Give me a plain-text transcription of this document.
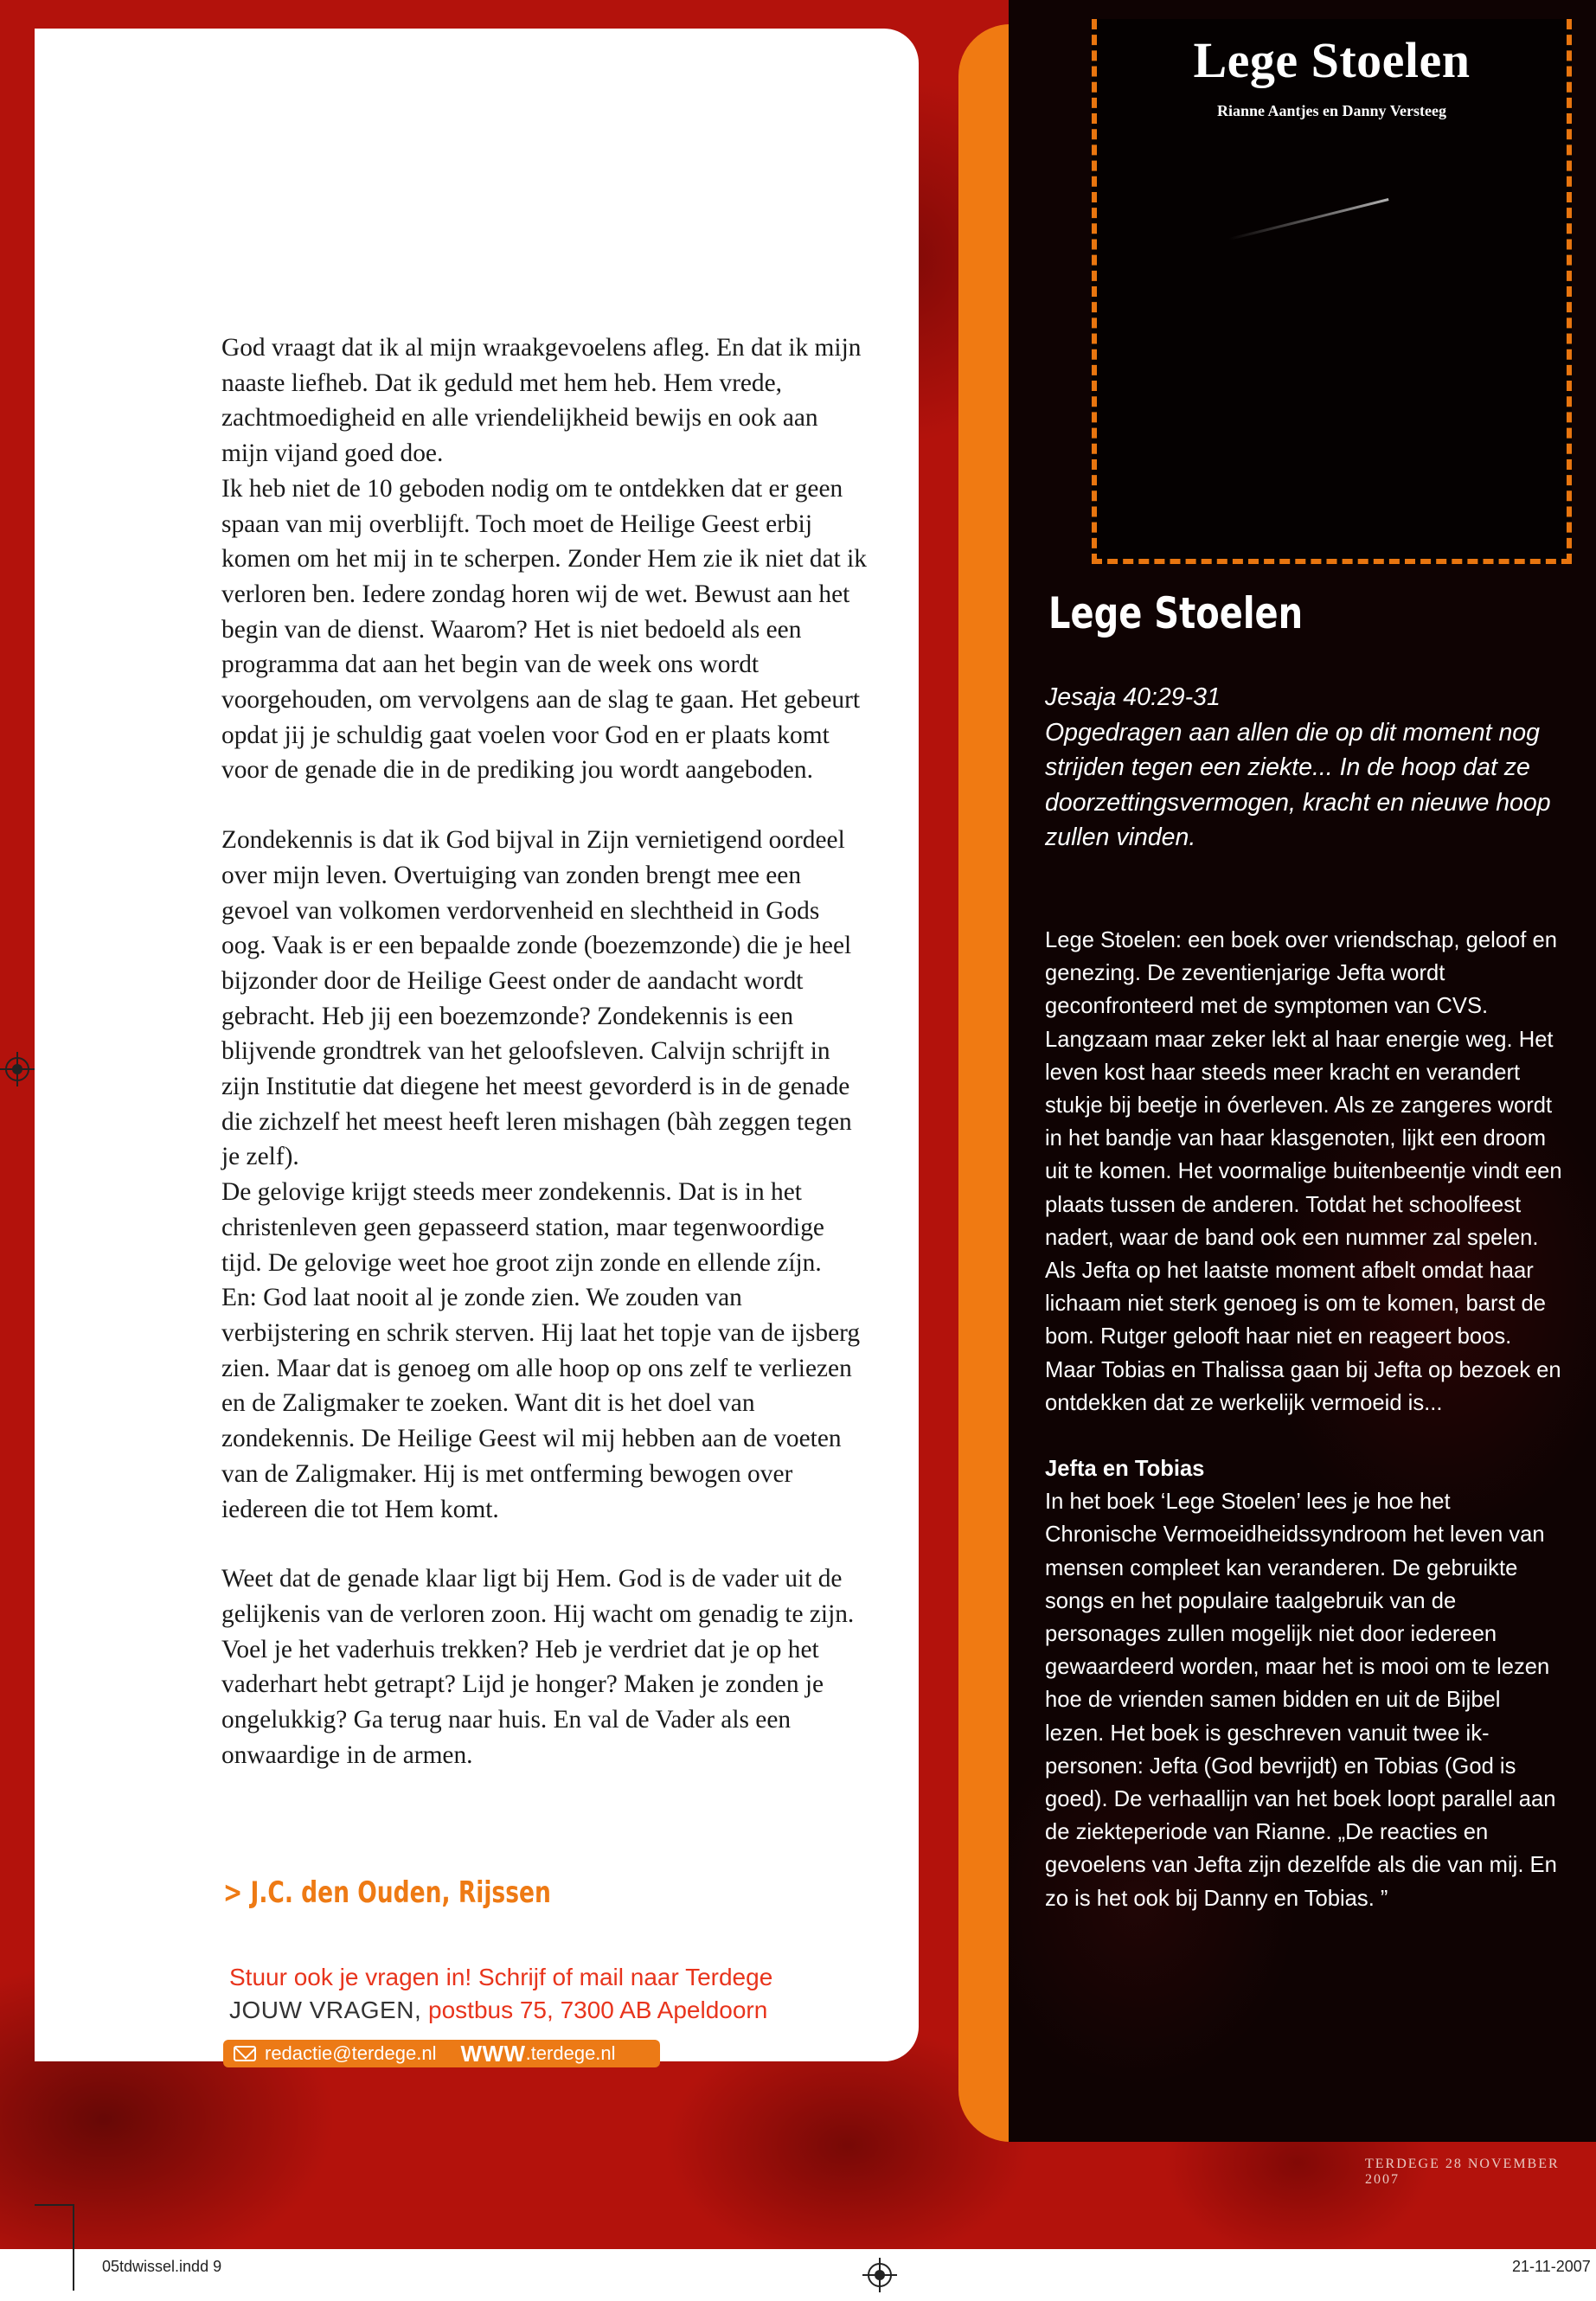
Lege Stoelen
Rianne Aantjes en Danny Versteeg

God vraagt dat ik al mijn wraakgevoelens afleg. En dat ik mijn naaste liefheb. Dat ik geduld met hem heb. Hem vrede, zachtmoedigheid en alle vriendelijkheid bewijs en ook aan mijn vijand goed doe.
Ik heb niet de 10 geboden nodig om te ontdekken dat er geen spaan van mij overblijft. Toch moet de Heilige Geest erbij komen om het mij in te scherpen. Zonder Hem zie ik niet dat ik verloren ben. Iedere zondag horen wij de wet. Bewust aan het begin van de dienst. Waarom? Het is niet bedoeld als een programma dat aan het begin van de week ons wordt voorgehouden, om vervolgens aan de slag te gaan. Het gebeurt opdat jij je schuldig gaat voelen voor God en er plaats komt voor de genade die in de prediking jou wordt aangeboden.

Zondekennis is dat ik God bijval in Zijn vernietigend oordeel over mijn leven. Overtuiging van zonden brengt mee een gevoel van volkomen verdorvenheid en slechtheid in Gods oog. Vaak is er een bepaalde zonde (boezemzonde) die je heel bijzonder door de Heilige Geest onder de aandacht wordt gebracht. Heb jij een boezemzonde? Zondekennis is een blijvende grondtrek van het geloofsleven. Calvijn schrijft in zijn Institutie dat diegene het meest gevorderd is in de genade die zichzelf het meest heeft leren mishagen (bàh zeggen tegen je zelf).
De gelovige krijgt steeds meer zondekennis. Dat is in het christenleven geen gepasseerd station, maar tegenwoordige tijd. De gelovige weet hoe groot zijn zonde en ellende zíjn.
En: God laat nooit al je zonde zien. We zouden van verbijstering en schrik sterven. Hij laat het topje van de ijsberg zien. Maar dat is genoeg om alle hoop op ons zelf te verliezen en de Zaligmaker te zoeken. Want dit is het doel van zondekennis. De Heilige Geest wil mij hebben aan de voeten van de Zaligmaker. Hij is met ontferming bewogen over iedereen die tot Hem komt.

Weet dat de genade klaar ligt bij Hem. God is de vader uit de gelijkenis van de verloren zoon. Hij wacht om genadig te zijn. Voel je het vaderhuis trekken? Heb je verdriet dat je op het vaderhart hebt getrapt? Lijd je honger? Maken je zonden je ongelukkig? Ga terug naar huis. En val de Vader als een onwaardige in de armen.

> J.C. den Ouden, Rijssen
Stuur ook je vragen in! Schrijf of mail naar Terdege
JOUW VRAGEN, postbus 75, 7300 AB Apeldoorn
redactie@terdege.nl WWW .terdege.nl
Lege Stoelen
Jesaja 40:29-31
Opgedragen aan allen die op dit moment nog strijden tegen een ziekte... In de hoop dat ze doorzettingsvermogen, kracht en nieuwe hoop zullen vinden.

Lege Stoelen: een boek over vriendschap, geloof en genezing. De zeventienjarige Jefta wordt geconfronteerd met de symptomen van CVS. Langzaam maar zeker lekt al haar energie weg. Het leven kost haar steeds meer kracht en verandert stukje bij beetje in óverleven. Als ze zangeres wordt in het bandje van haar klasgenoten, lijkt een droom uit te komen. Het voormalige buitenbeentje vindt een plaats tussen de anderen. Totdat het schoolfeest nadert, waar de band ook een nummer zal spelen. Als Jefta op het laatste moment afbelt omdat haar lichaam niet sterk genoeg is om te komen, barst de bom. Rutger gelooft haar niet en reageert boos. Maar Tobias en Thalissa gaan bij Jefta op bezoek en ontdekken dat ze werkelijk vermoeid is...

Jefta en Tobias

In het boek ‘Lege Stoelen’ lees je hoe het Chronische Vermoeidheidssyndroom het leven van mensen compleet kan veranderen. De gebruikte songs en het populaire taalgebruik van de personages zullen mogelijk niet door iedereen gewaardeerd worden, maar het is mooi om te lezen hoe de vrienden samen bidden en uit de Bijbel lezen. Het boek is geschreven vanuit twee ik-personen: Jefta (God bevrijdt) en Tobias (God is goed). De verhaallijn van het boek loopt parallel aan de ziekteperiode van Rianne. „De reacties en gevoelens van Jefta zijn dezelfde als die van mij. En zo is het ook bij Danny en Tobias. ”

TERDEGE 28 NOVEMBER 2007
05tdwissel.indd 9	21-11-2007
